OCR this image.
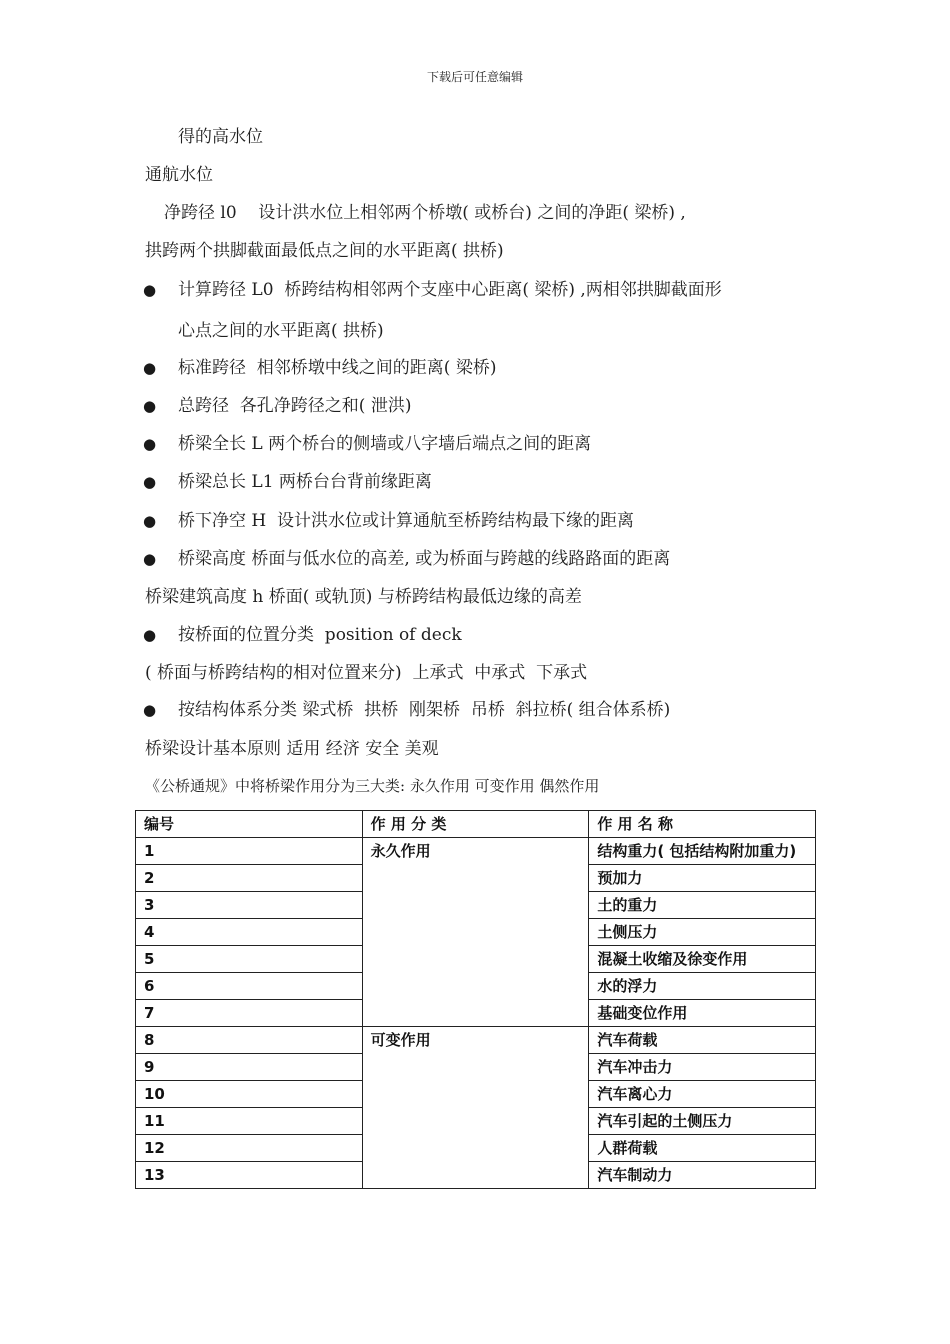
下载后可任意编辑
得的高水位
通航水位
净跨径 l0    设计洪水位上相邻两个桥墩( 或桥台) 之间的净距( 梁桥) ,
拱跨两个拱脚截面最低点之间的水平距离( 拱桥)
● 计算跨径 L0  桥跨结构相邻两个支座中心距离( 梁桥) ,两相邻拱脚截面形
心点之间的水平距离( 拱桥)
● 标准跨径  相邻桥墩中线之间的距离( 梁桥)
● 总跨径  各孔净跨径之和( 泄洪)
● 桥梁全长 L 两个桥台的侧墙或八字墙后端点之间的距离
● 桥梁总长 L1 两桥台台背前缘距离
● 桥下净空 H  设计洪水位或计算通航至桥跨结构最下缘的距离
● 桥梁高度 桥面与低水位的高差, 或为桥面与跨越的线路路面的距离
桥梁建筑高度 h 桥面( 或轨顶) 与桥跨结构最低边缘的高差
● 按桥面的位置分类  position of deck
( 桥面与桥跨结构的相对位置来分)  上承式  中承式  下承式
● 按结构体系分类 梁式桥  拱桥  刚架桥  吊桥  斜拉桥( 组合体系桥)
桥梁设计基本原则 适用 经济 安全 美观
《公桥通规》中将桥梁作用分为三大类: 永久作用 可变作用 偶然作用
编号	作 用 分 类	作 用 名 称
1	永久作用	结构重力( 包括结构附加重力)
2		预加力
3		土的重力
4		土侧压力
5		混凝土收缩及徐变作用
6		水的浮力
7		基础变位作用
8	可变作用	汽车荷载
9		汽车冲击力
10		汽车离心力
11		汽车引起的土侧压力
12		人群荷载
13		汽车制动力
